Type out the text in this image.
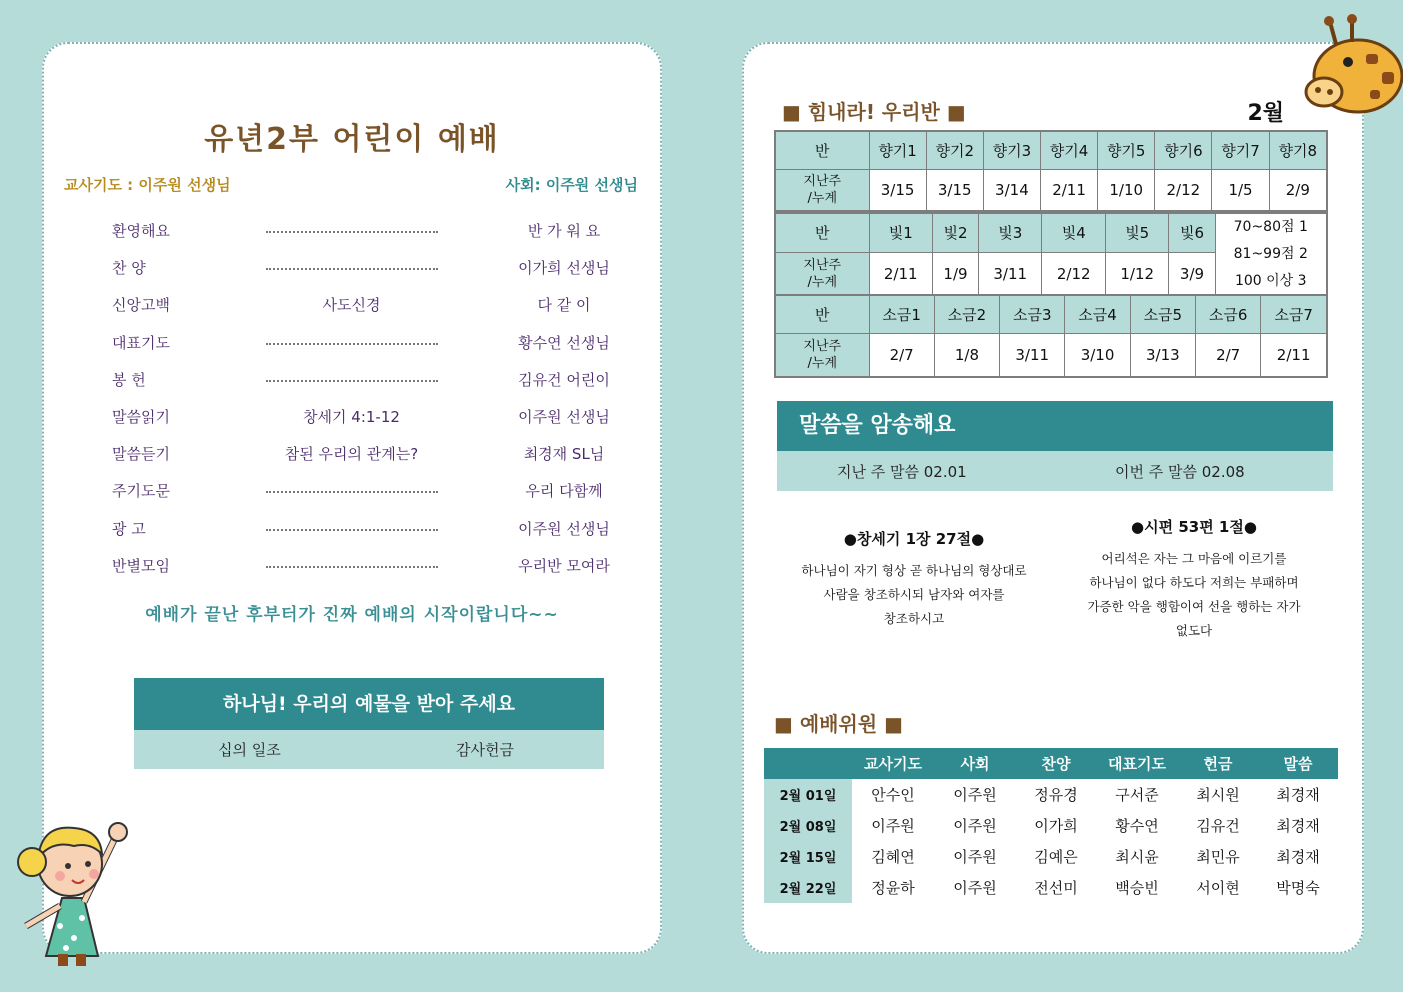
유년2부 어린이 예배
교사기도 : 이주원 선생님	사회: 이주원 선생님
환영해요	반 가 워 요
찬 양	이가희 선생님
신앙고백	사도신경	다 같 이
대표기도	황수연 선생님
봉 헌	김유건 어린이
말씀읽기	창세기 4:1-12	이주원 선생님
말씀듣기	참된 우리의 관계는?	최경재 SL님
주기도문	우리 다함께
광 고	이주원 선생님
반별모임	우리반 모여라
예배가 끝난 후부터가 진짜 예배의 시작이랍니다~~
하나님! 우리의 예물을 받아 주세요
십의 일조	감사헌금
■ 힘내라! 우리반 ■	2월
반	향기1	향기2	향기3	향기4	향기5	향기6	향기7	향기8
지난주
/누계	3/15	3/15	3/14	2/11	1/10	2/12	1/5	2/9
반	빛1	빛2	빛3	빛4	빛5	빛6	70~80점 1
81~99점 2
100 이상 3

지난주
/누계	2/11	1/9	3/11	2/12	1/12	3/9	
반	소금1	소금2	소금3	소금4	소금5	소금6	소금7
지난주
/누계	2/7	1/8	3/11	3/10	3/13	2/7	2/11
말씀을 암송해요
지난 주 말씀 02.01	이번 주 말씀 02.08
●창세기 1장 27절●
하나님이 자기 형상 곧 하나님의 형상대로
사람을 창조하시되 남자와 여자를
창조하시고
●시편 53편 1절●
어리석은 자는 그 마음에 이르기를
하나님이 없다 하도다 저희는 부패하며
가증한 악을 행함이여 선을 행하는 자가
없도다
■ 예배위원 ■
	교사기도	사회	찬양	대표기도	헌금	말씀
2월 01일	안수인	이주원	정유경	구서준	최시원	최경재
2월 08일	이주원	이주원	이가희	황수연	김유건	최경재
2월 15일	김혜연	이주원	김예은	최시윤	최민유	최경재
2월 22일	정윤하	이주원	전선미	백승빈	서이현	박명숙
